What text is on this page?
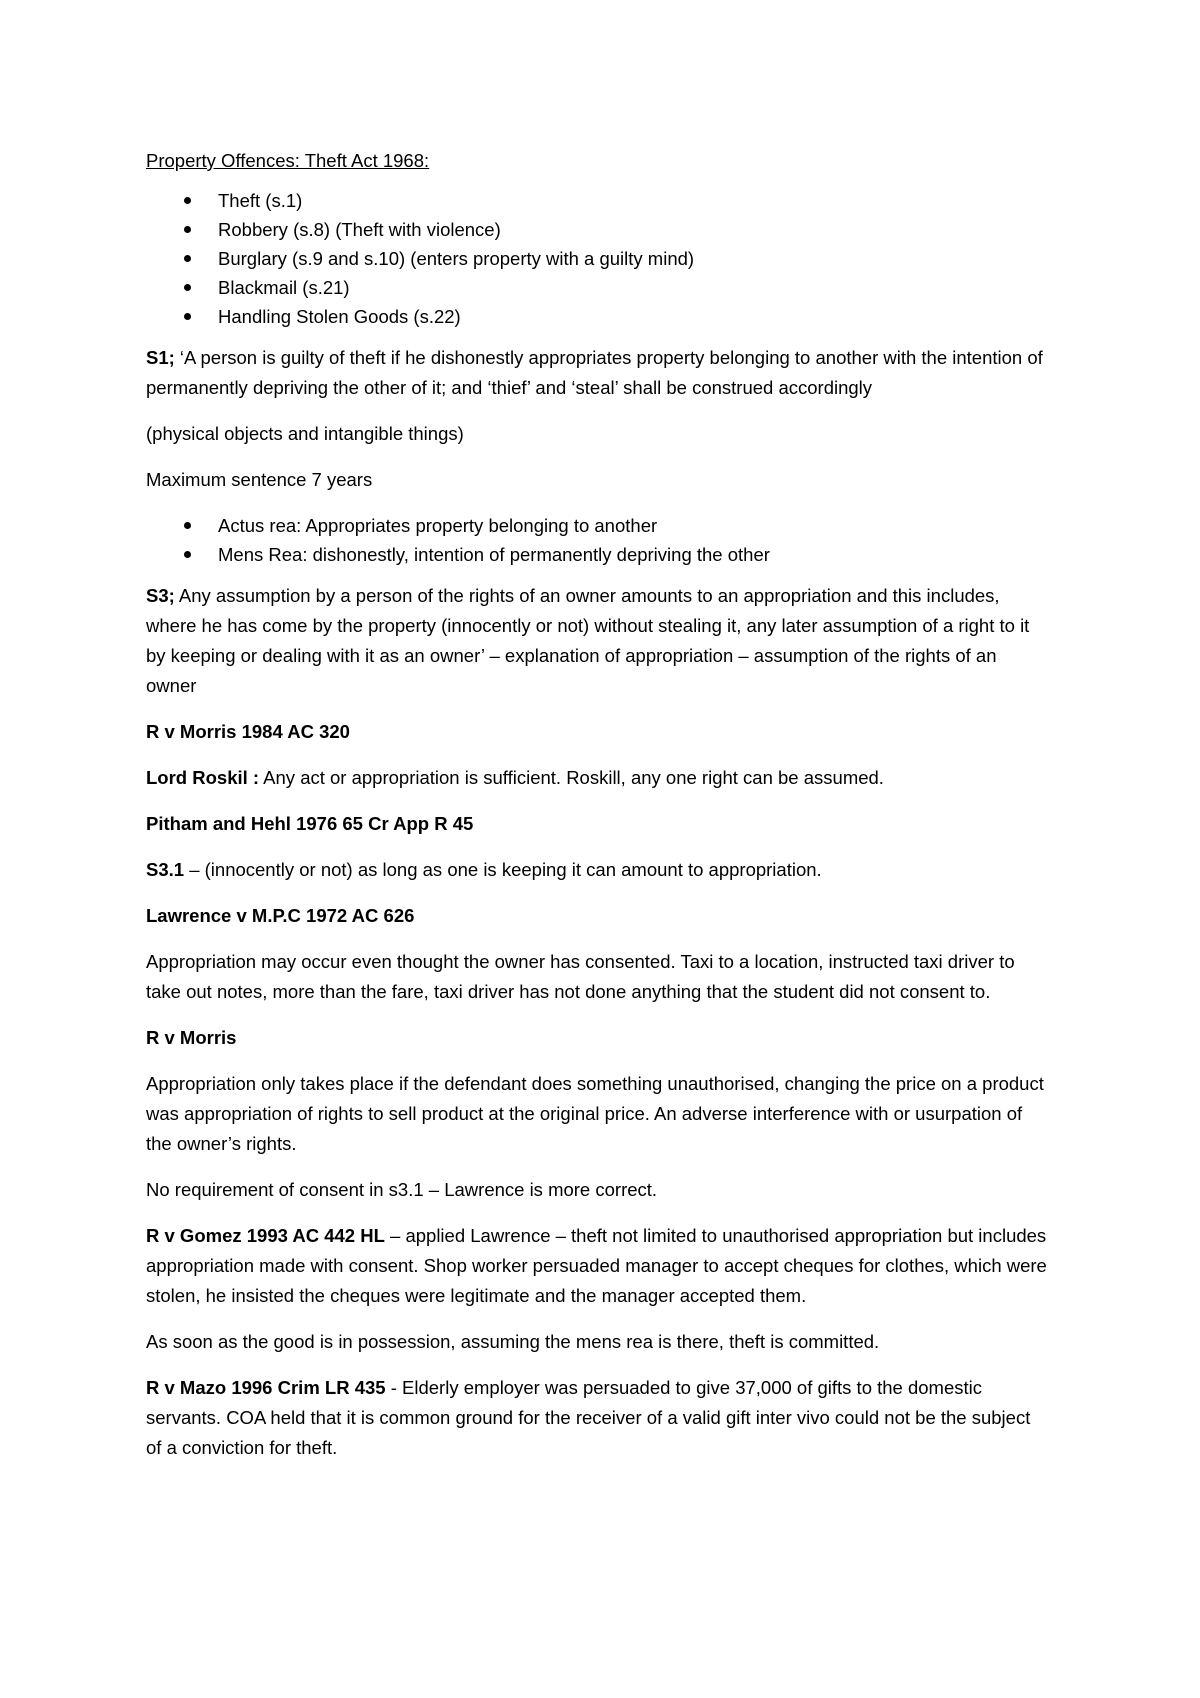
Property Offences: Theft Act 1968:

Theft (s.1)
Robbery (s.8) (Theft with violence)
Burglary (s.9 and s.10) (enters property with a guilty mind)
Blackmail (s.21)
Handling Stolen Goods (s.22)

S1; ‘A person is guilty of theft if he dishonestly appropriates property belonging to another with the intention of permanently depriving the other of it; and ‘thief’ and ‘steal’ shall be construed accordingly

(physical objects and intangible things)

Maximum sentence 7 years

Actus rea: Appropriates property belonging to another
Mens Rea: dishonestly, intention of permanently depriving the other

S3; Any assumption by a person of the rights of an owner amounts to an appropriation and this includes, where he has come by the property (innocently or not) without stealing it, any later assumption of a right to it by keeping or dealing with it as an owner’ – explanation of appropriation – assumption of the rights of an owner

R v Morris 1984 AC 320

Lord Roskil : Any act or appropriation is sufficient. Roskill, any one right can be assumed.

Pitham and Hehl 1976 65 Cr App R 45

S3.1 – (innocently or not) as long as one is keeping it can amount to appropriation.

Lawrence v M.P.C 1972 AC 626

Appropriation may occur even thought the owner has consented. Taxi to a location, instructed taxi driver to take out notes, more than the fare, taxi driver has not done anything that the student did not consent to.

R v Morris

Appropriation only takes place if the defendant does something unauthorised, changing the price on a product was appropriation of rights to sell product at the original price. An adverse interference with or usurpation of the owner’s rights.

No requirement of consent in s3.1 – Lawrence is more correct.

R v Gomez 1993 AC 442 HL – applied Lawrence – theft not limited to unauthorised appropriation but includes appropriation made with consent. Shop worker persuaded manager to accept cheques for clothes, which were stolen, he insisted the cheques were legitimate and the manager accepted them.

As soon as the good is in possession, assuming the mens rea is there, theft is committed.

R v Mazo 1996 Crim LR 435 - Elderly employer was persuaded to give 37,000 of gifts to the domestic servants. COA held that it is common ground for the receiver of a valid gift inter vivo could not be the subject of a conviction for theft.
